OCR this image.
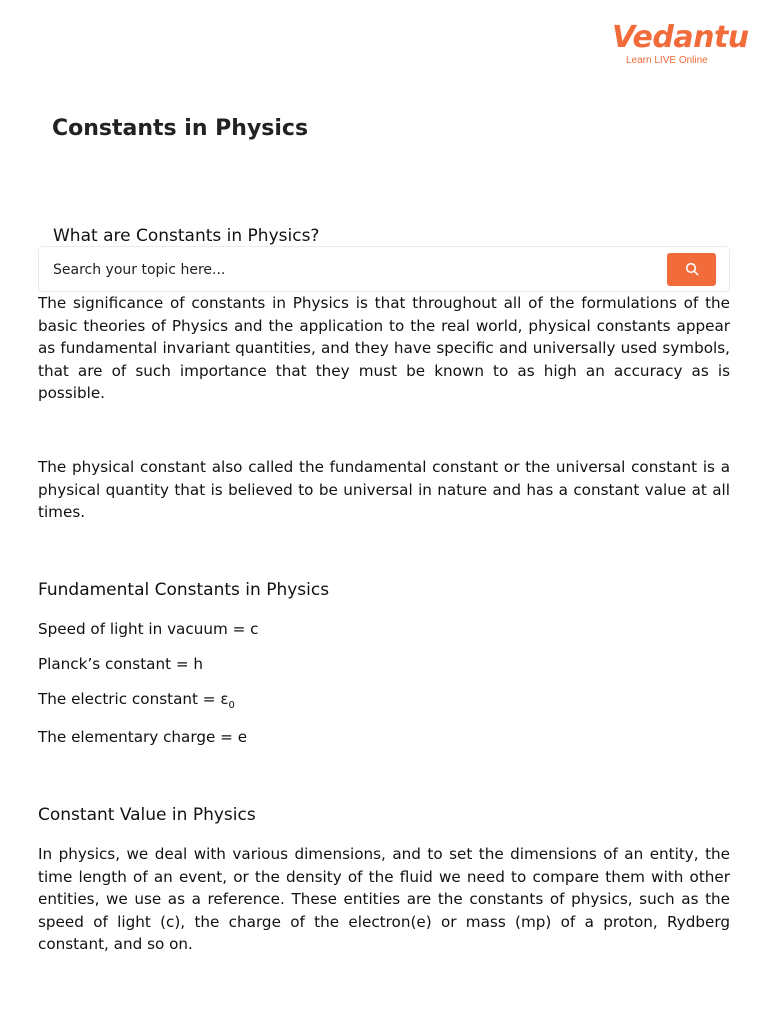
Vedantu
Learn LIVE Online
Constants in Physics
What are Constants in Physics?
Search your topic here...

The significance of constants in Physics is that throughout all of the formulations of the basic theories of Physics and the application to the real world, physical constants appear as fundamental invariant quantities, and they have specific and universally used symbols, that are of such importance that they must be known to as high an accuracy as is possible.

The physical constant also called the fundamental constant or the universal constant is a physical quantity that is believed to be universal in nature and has a constant value at all times.

Fundamental Constants in Physics

Speed of light in vacuum = c

Planck’s constant = h

The electric constant = $\varepsilon_0$

The elementary charge = e

Constant Value in Physics

In physics, we deal with various dimensions, and to set the dimensions of an entity, the time length of an event, or the density of the fluid we need to compare them with other entities, we use as a reference. These entities are the constants of physics, such as the speed of light (c), the charge of the electron(e) or mass (mp) of a proton, Rydberg constant, and so on.
